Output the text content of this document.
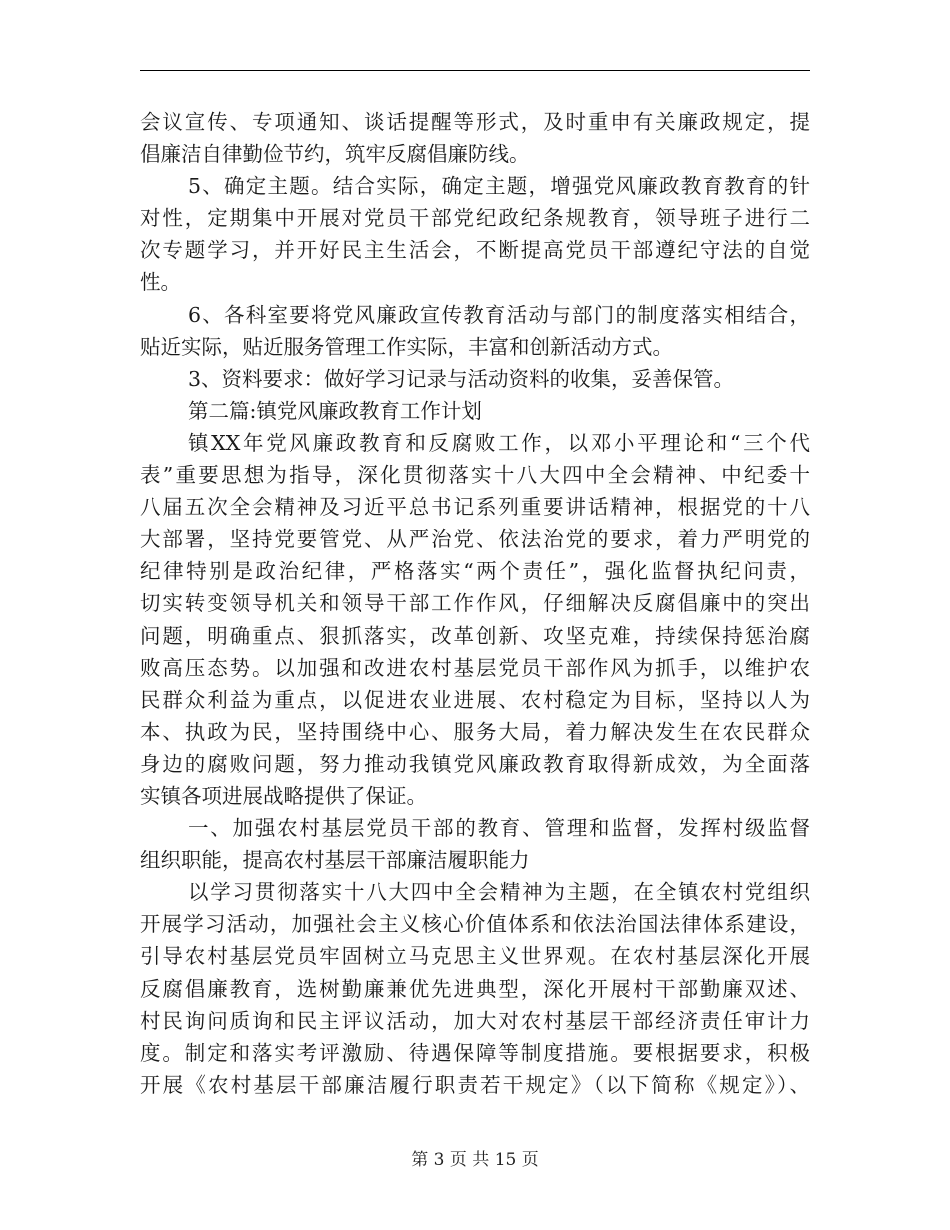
会议宣传、专项通知、谈话提醒等形式，及时重申有关廉政规定，提
倡廉洁自律勤俭节约，筑牢反腐倡廉防线。
5、确定主题。结合实际，确定主题，增强党风廉政教育教育的针
对性，定期集中开展对党员干部党纪政纪条规教育，领导班子进行二
次专题学习，并开好民主生活会，不断提高党员干部遵纪守法的自觉
性。
6、各科室要将党风廉政宣传教育活动与部门的制度落实相结合，
贴近实际，贴近服务管理工作实际，丰富和创新活动方式。
3、资料要求：做好学习记录与活动资料的收集，妥善保管。
第二篇:镇党风廉政教育工作计划
镇XX年党风廉政教育和反腐败工作，以邓小平理论和“三个代
表”重要思想为指导，深化贯彻落实十八大四中全会精神、中纪委十
八届五次全会精神及习近平总书记系列重要讲话精神，根据党的十八
大部署，坚持党要管党、从严治党、依法治党的要求，着力严明党的
纪律特别是政治纪律，严格落实“两个责任”，强化监督执纪问责，
切实转变领导机关和领导干部工作作风，仔细解决反腐倡廉中的突出
问题，明确重点、狠抓落实，改革创新、攻坚克难，持续保持惩治腐
败高压态势。以加强和改进农村基层党员干部作风为抓手，以维护农
民群众利益为重点，以促进农业进展、农村稳定为目标，坚持以人为
本、执政为民，坚持围绕中心、服务大局，着力解决发生在农民群众
身边的腐败问题，努力推动我镇党风廉政教育取得新成效，为全面落
实镇各项进展战略提供了保证。
一、加强农村基层党员干部的教育、管理和监督，发挥村级监督
组织职能，提高农村基层干部廉洁履职能力
以学习贯彻落实十八大四中全会精神为主题，在全镇农村党组织
开展学习活动，加强社会主义核心价值体系和依法治国法律体系建设，
引导农村基层党员牢固树立马克思主义世界观。在农村基层深化开展
反腐倡廉教育，选树勤廉兼优先进典型，深化开展村干部勤廉双述、
村民询问质询和民主评议活动，加大对农村基层干部经济责任审计力
度。制定和落实考评激励、待遇保障等制度措施。要根据要求，积极
开展《农村基层干部廉洁履行职责若干规定》（以下简称《规定》）、
第 3 页 共 15 页
